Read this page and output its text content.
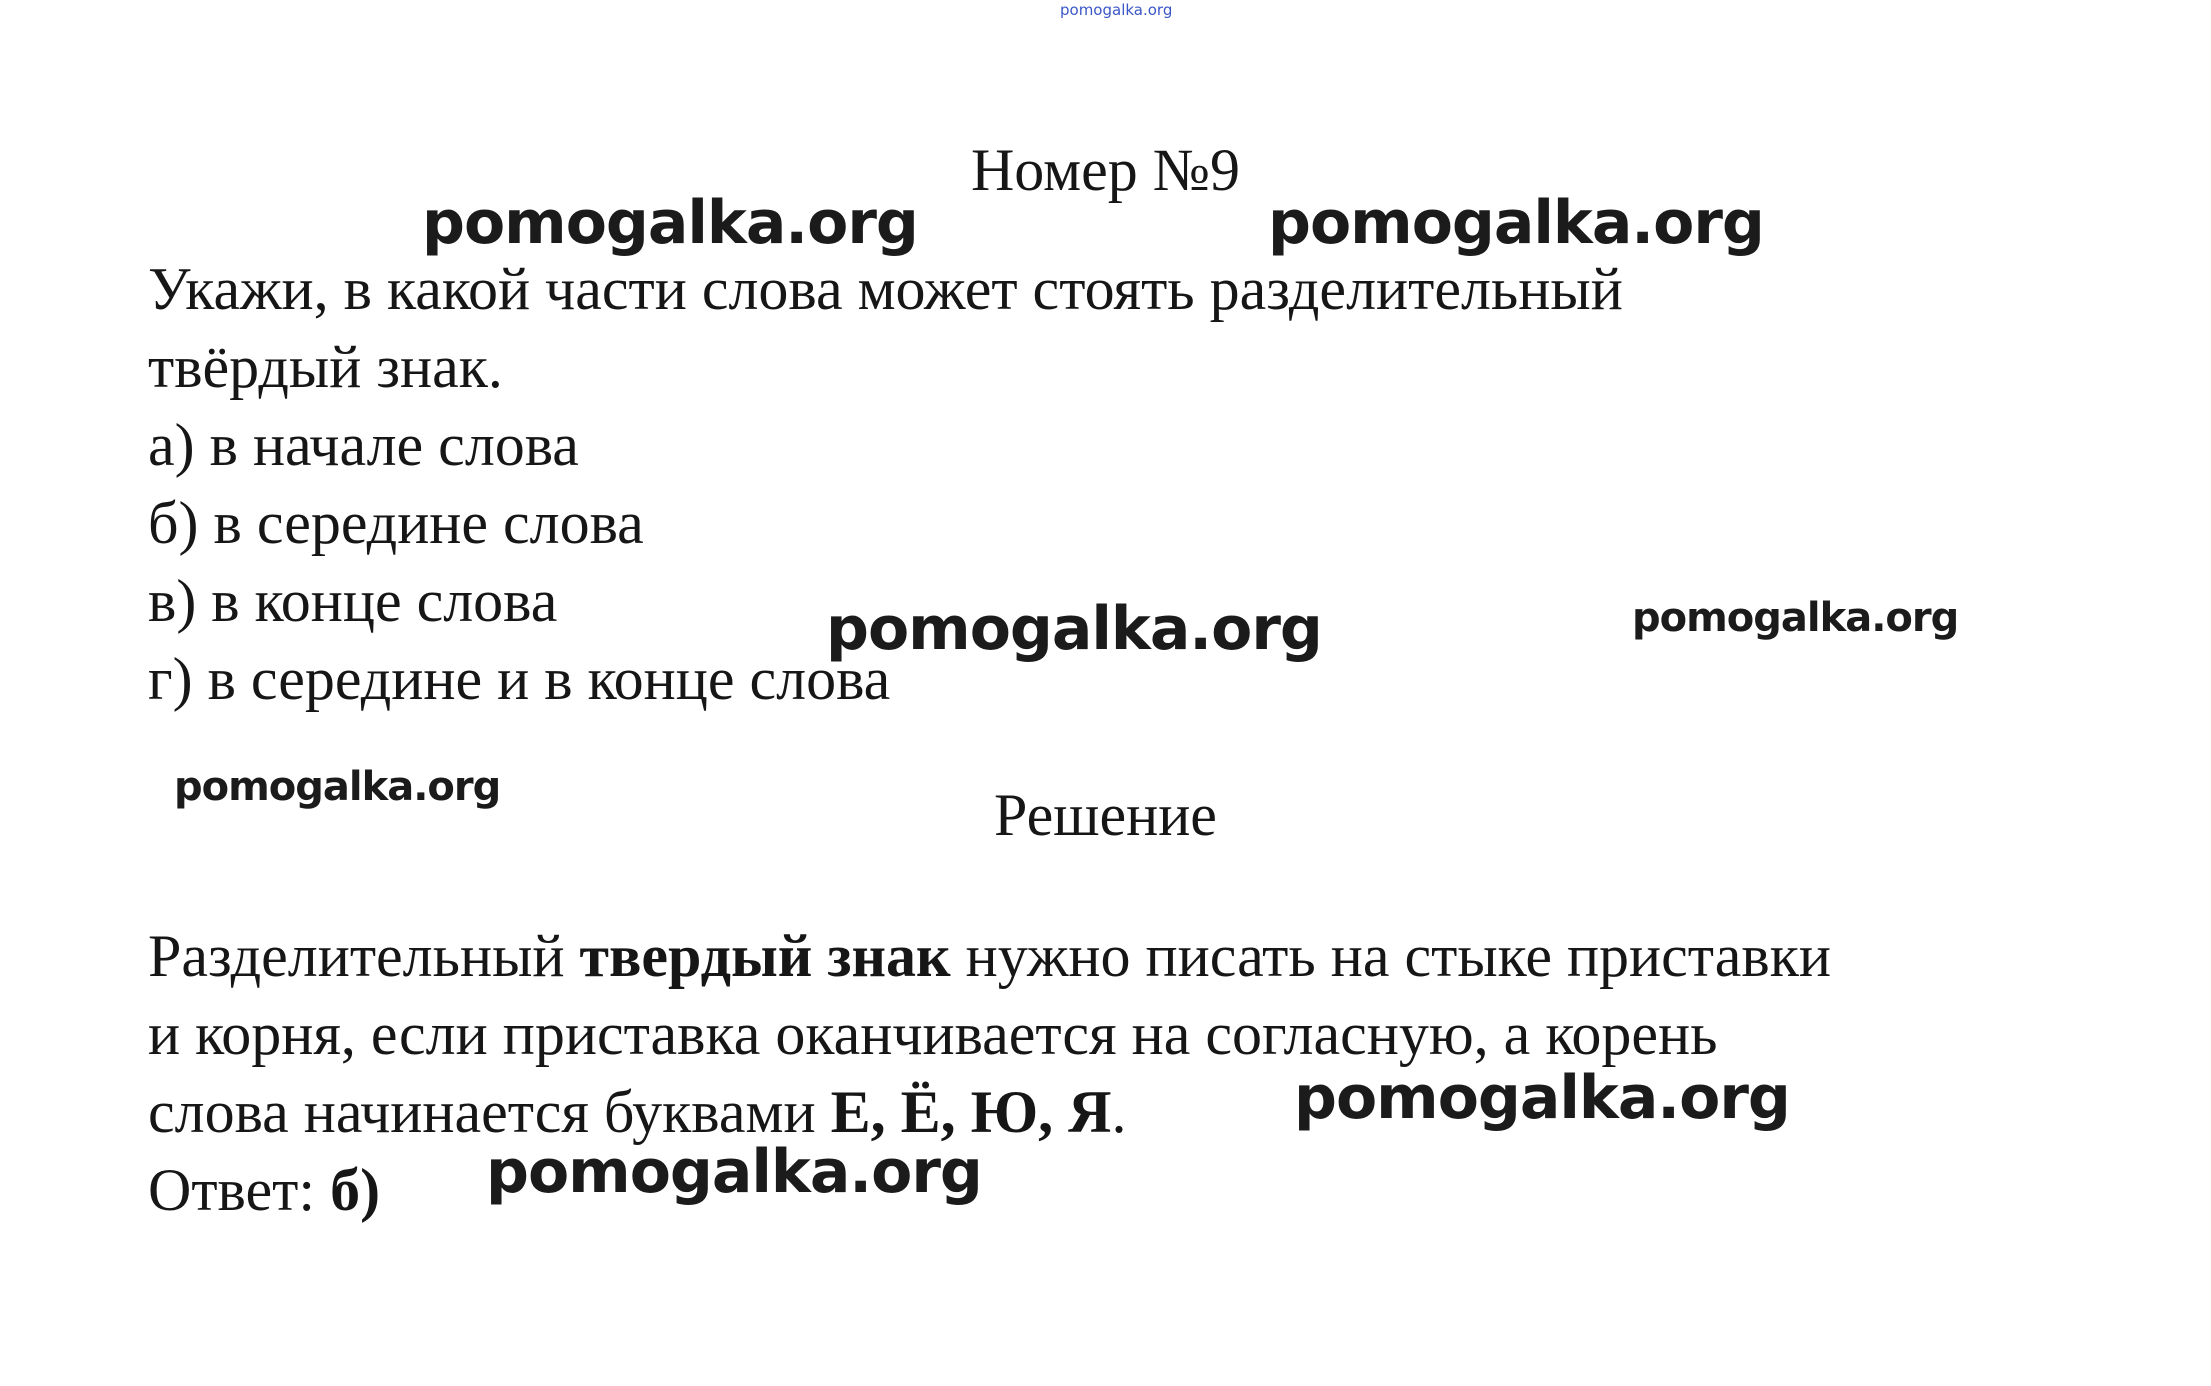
pomogalka.org
Номер №9
pomogalka.org	pomogalka.org
Укажи, в какой части слова может стоять разделительный
твёрдый знак.
а) в начале слова
б) в середине слова
в) в конце слова
г) в середине и в конце слова
pomogalka.org	pomogalka.org
pomogalka.org	Решение
Разделительный твердый знак нужно писать на стыке приставки
и корня, если приставка оканчивается на согласную, а корень
слова начинается буквами Е, Ё, Ю, Я.	pomogalka.org
Ответ: б) pomogalka.org
